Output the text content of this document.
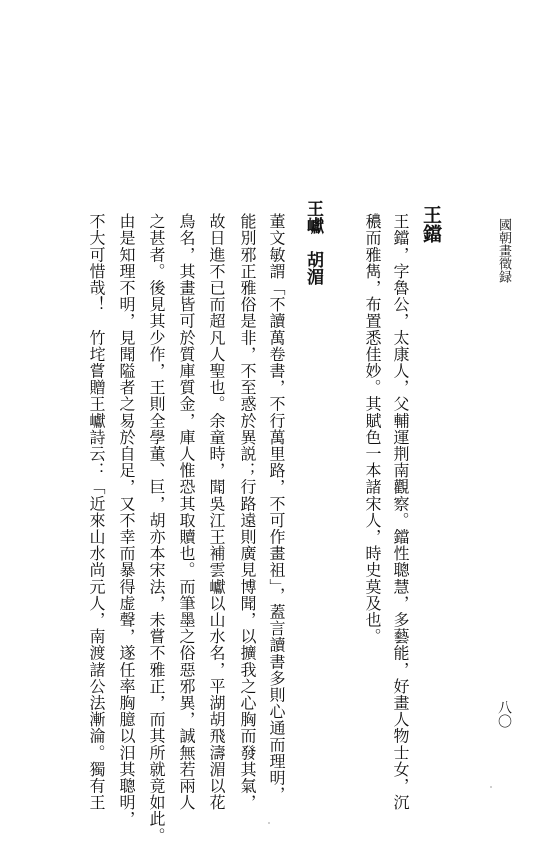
國朝畫徵録
八〇
王鐺
王鐺，字魯公，太康人，父輔運荆南觀察。鐺性聰慧，多藝能，好畫人物士女，沉
穠而雅雋，布置悉佳妙。其賦色一本諸宋人，時史莫及也。
王巘　胡湄
董文敏謂「不讀萬卷書，不行萬里路，不可作畫祖」，蓋言讀書多則心通而理明，
能別邪正雅俗是非，不至惑於異説；行路遠則廣見博聞，以擴我之心胸而發其氣，
故日進不已而超凡人聖也。余童時，聞吳江王補雲巘以山水名，平湖胡飛濤湄以花
鳥名，其畫皆可於質庫質金，庫人惟恐其取贖也。而筆墨之俗惡邪異，誠無若兩人
之甚者。後見其少作，王則全學董、巨，胡亦本宋法，未嘗不雅正，而其所就竟如此。
由是知理不明，見聞隘者之易於自足，又不幸而暴得虚聲，遂任率胸臆以汨其聰明，
不大可惜哉！　竹垞嘗贈王巘詩云：「近來山水尚元人，南渡諸公法漸淪。獨有王
